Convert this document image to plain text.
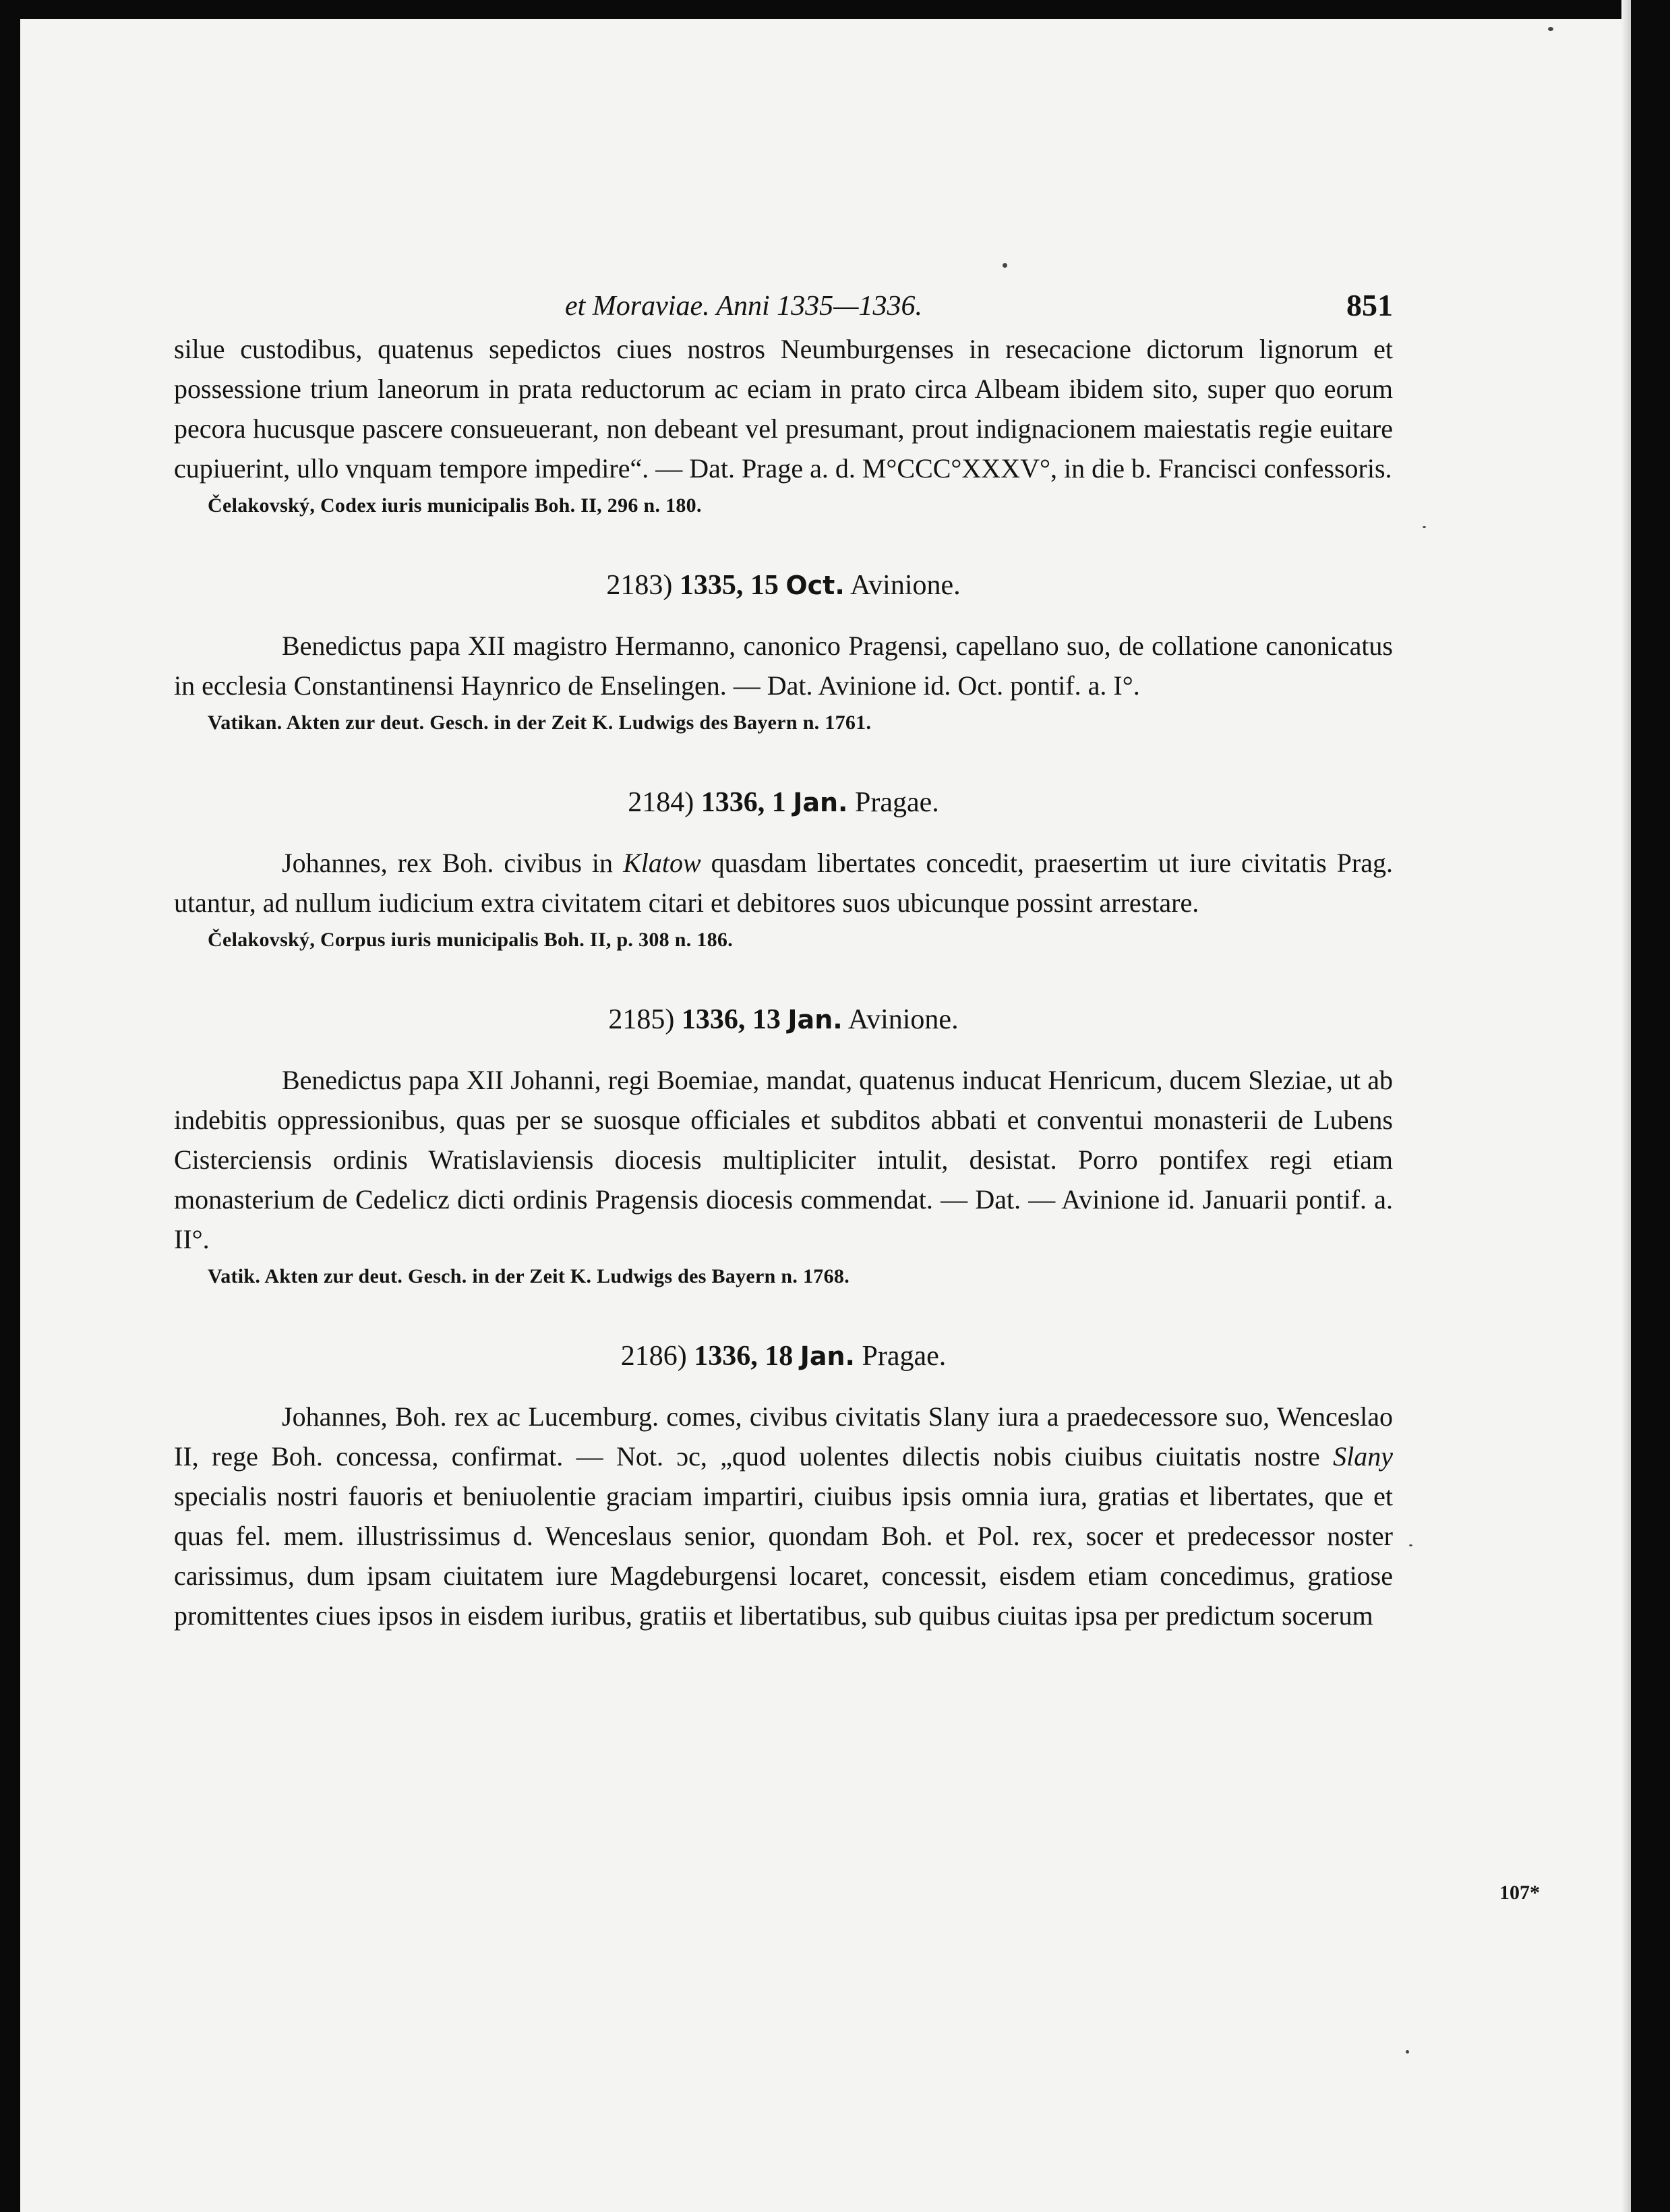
et Moraviae. Anni 1335—1336.	851

silue custodibus, quatenus sepedictos ciues nostros Neumburgenses in resecacione dictorum lignorum et possessione trium laneorum in prata reductorum ac eciam in prato circa Albeam ibidem sito, super quo eorum pecora hucusque pascere consueuerant, non debeant vel presumant, prout indignacionem maiestatis regie euitare cupiuerint, ullo vnquam tempore impedire“. — Dat. Prage a. d. M°CCC°XXXV°, in die b. Francisci confessoris.

Čelakovský, Codex iuris municipalis Boh. II, 296 n. 180.
2183) 1335, 15 Oct. Avinione.

Benedictus papa XII magistro Hermanno, canonico Pragensi, capellano suo, de collatione canonicatus in ecclesia Constantinensi Haynrico de Enselingen. — Dat. Avinione id. Oct. pontif. a. I°.

Vatikan. Akten zur deut. Gesch. in der Zeit K. Ludwigs des Bayern n. 1761.
2184) 1336, 1 Jan. Pragae.

Johannes, rex Boh. civibus in Klatow quasdam libertates concedit, praesertim ut iure civitatis Prag. utantur, ad nullum iudicium extra civitatem citari et debitores suos ubicunque possint arrestare.

Čelakovský, Corpus iuris municipalis Boh. II, p. 308 n. 186.
2185) 1336, 13 Jan. Avinione.

Benedictus papa XII Johanni, regi Boemiae, mandat, quatenus inducat Henricum, ducem Sleziae, ut ab indebitis oppressionibus, quas per se suosque officiales et subditos abbati et conventui monasterii de Lubens Cisterciensis ordinis Wratislaviensis diocesis multipliciter intulit, desistat. Porro pontifex regi etiam monasterium de Cedelicz dicti ordinis Pragensis diocesis commendat. — Dat. — Avinione id. Januarii pontif. a. II°.

Vatik. Akten zur deut. Gesch. in der Zeit K. Ludwigs des Bayern n. 1768.
2186) 1336, 18 Jan. Pragae.

Johannes, Boh. rex ac Lucemburg. comes, civibus civitatis Slany iura a praedecessore suo, Wenceslao II, rege Boh. concessa, confirmat. — Not. ɔc, „quod uolentes dilectis nobis ciuibus ciuitatis nostre Slany specialis nostri fauoris et beniuolentie graciam impartiri, ciuibus ipsis omnia iura, gratias et libertates, que et quas fel. mem. illustrissimus d. Wenceslaus senior, quondam Boh. et Pol. rex, socer et predecessor noster carissimus, dum ipsam ciuitatem iure Magdeburgensi locaret, concessit, eisdem etiam concedimus, gratiose promittentes ciues ipsos in eisdem iuribus, gratiis et libertatibus, sub quibus ciuitas ipsa per predictum socerum

107*
